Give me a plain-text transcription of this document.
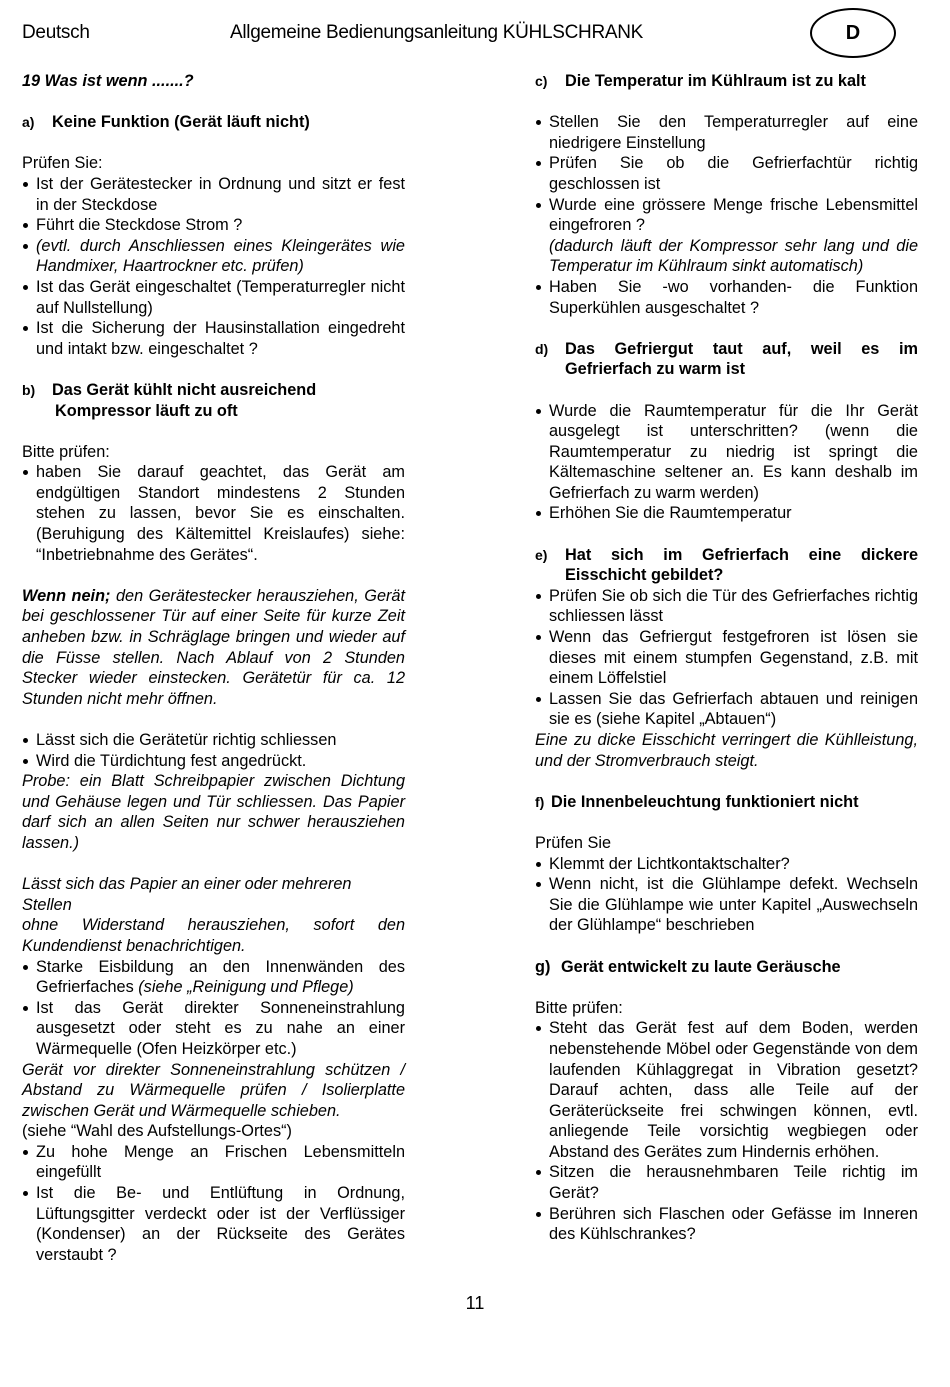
Deutsch	Allgemeine Bedienungsanleitung KÜHLSCHRANK	D

19 Was ist wenn .......?

a)	Keine Funktion (Gerät läuft nicht)

Prüfen Sie:

Ist der Gerätestecker in Ordnung und sitzt er fest in der Steckdose
Führt die Steckdose Strom ?
(evtl. durch Anschliessen eines Kleingerätes wie Handmixer, Haartrockner etc. prüfen)
Ist das Gerät eingeschaltet (Temperaturregler nicht auf Nullstellung)
Ist die Sicherung der Hausinstallation eingedreht und intakt bzw. eingeschaltet ?
b)	Das Gerät kühlt nicht ausreichend
Kompressor läuft zu oft

Bitte prüfen:

haben Sie darauf geachtet, das Gerät am endgültigen Standort mindestens 2 Stunden stehen zu lassen, bevor Sie es einschalten. (Beruhigung des Kältemittel Kreislaufes) siehe: “Inbetriebnahme des Gerätes“.

Wenn nein; den Gerätestecker herausziehen, Gerät bei geschlossener Tür auf einer Seite für kurze Zeit anheben bzw. in Schräglage bringen und wieder auf die Füsse stellen. Nach Ablauf von 2 Stunden Stecker wieder einstecken. Gerätetür für ca. 12 Stunden nicht mehr öffnen.

Lässt sich die Gerätetür richtig schliessen
Wird die Türdichtung fest angedrückt.

Probe: ein Blatt Schreibpapier zwischen Dichtung und Gehäuse legen und Tür schliessen. Das Papier darf sich an allen Seiten nur schwer herausziehen lassen.)

Lässt sich das Papier an einer oder mehreren Stellen

ohne Widerstand herausziehen, sofort den Kundendienst benachrichtigen.

Starke Eisbildung an den Innenwänden des Gefrierfaches (siehe „Reinigung und Pflege)
Ist das Gerät direkter Sonneneinstrahlung ausgesetzt oder steht es zu nahe an einer Wärmequelle (Ofen Heizkörper etc.)

Gerät vor direkter Sonneneinstrahlung schützen / Abstand zu Wärmequelle prüfen / Isolierplatte zwischen Gerät und Wärmequelle schieben.

(siehe “Wahl des Aufstellungs-Ortes“)

Zu hohe Menge an Frischen Lebensmitteln eingefüllt
Ist die Be- und Entlüftung in Ordnung, Lüftungsgitter verdeckt oder ist der Verflüssiger (Kondenser) an der Rückseite des Gerätes verstaubt ?
c)	Die Temperatur im Kühlraum ist zu kalt
Stellen Sie den Temperaturregler auf eine niedrigere Einstellung
Prüfen Sie ob die Gefrierfachtür richtig geschlossen ist
Wurde eine grössere Menge frische Lebensmittel eingefroren ?

(dadurch läuft der Kompressor sehr lang und die Temperatur im Kühlraum sinkt automatisch)

Haben Sie -wo vorhanden- die Funktion Superkühlen ausgeschaltet ?
d)	Das Gefriergut taut auf, weil es im Gefrierfach zu warm ist
Wurde die Raumtemperatur für die Ihr Gerät ausgelegt ist unterschritten? (wenn die Raumtemperatur zu niedrig ist springt die Kältemaschine seltener an. Es kann deshalb im Gefrierfach zu warm werden)
Erhöhen Sie die Raumtemperatur
e)	Hat sich im Gefrierfach eine dickere Eisschicht gebildet?
Prüfen Sie ob sich die Tür des Gefrierfaches richtig schliessen lässt
Wenn das Gefriergut festgefroren ist lösen sie dieses mit einem stumpfen Gegenstand, z.B. mit einem Löffelstiel
Lassen Sie das Gefrierfach abtauen und reinigen sie es (siehe Kapitel „Abtauen“)

Eine zu dicke Eisschicht verringert die Kühlleistung, und der Stromverbrauch steigt.

f) Die Innenbeleuchtung funktioniert nicht

Prüfen Sie

Klemmt der Lichtkontaktschalter?
Wenn nicht, ist die Glühlampe defekt. Wechseln Sie die Glühlampe wie unter Kapitel „Auswechseln der Glühlampe“ beschrieben
g) Gerät entwickelt zu laute Geräusche

Bitte prüfen:

Steht das Gerät fest auf dem Boden, werden nebenstehende Möbel oder Gegenstände von dem laufenden Kühlaggregat in Vibration gesetzt? Darauf achten, dass alle Teile auf der Geräterückseite frei schwingen können, evtl. anliegende Teile vorsichtig wegbiegen oder Abstand des Gerätes zum Hindernis erhöhen.
Sitzen die herausnehmbaren Teile richtig im Gerät?
Berühren sich Flaschen oder Gefässe im Inneren des Kühlschrankes?
11
